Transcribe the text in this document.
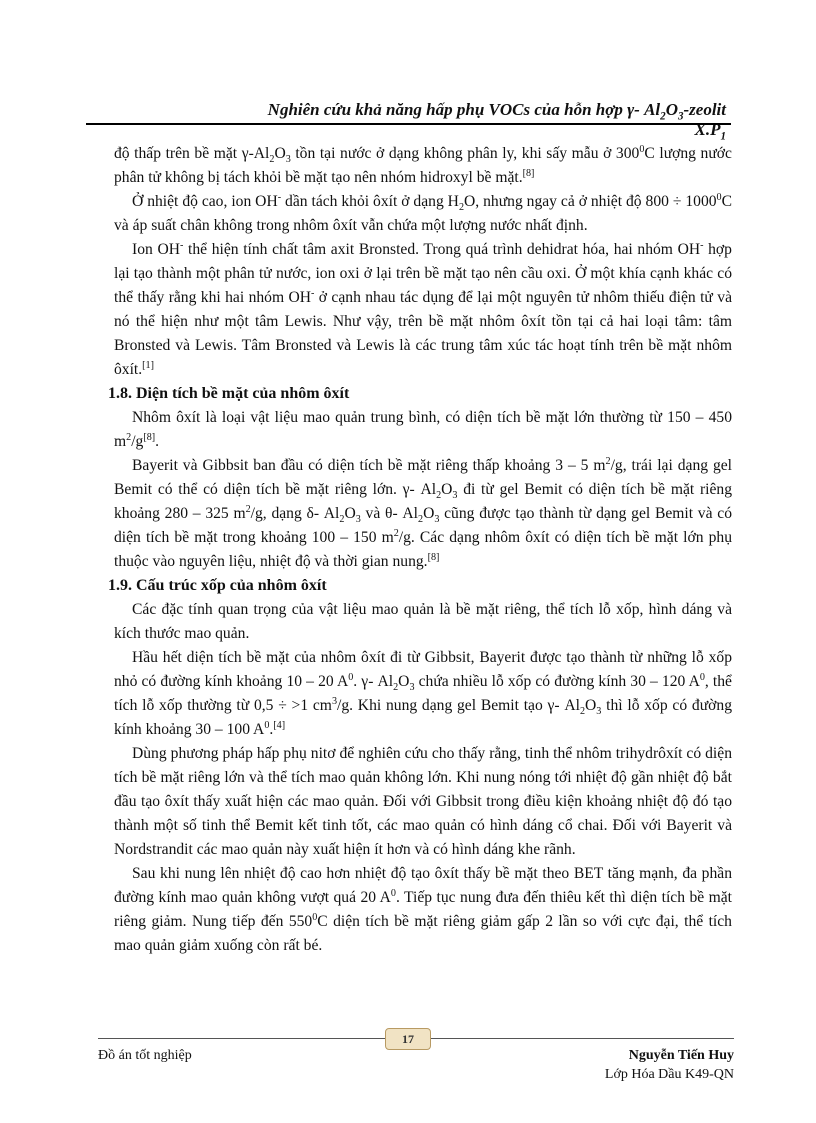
Nghiên cứu khả năng hấp phụ VOCs của hỗn hợp γ- $Al_2O_3$-zeolit $X.P_1$

độ thấp trên bề mặt $\gamma-Al_2O_3$ tồn tại nước ở dạng không phân ly, khi sấy mẫu ở $300^0C$ lượng nước phân tử không bị tách khỏi bề mặt tạo nên nhóm hidroxyl bề mặt.[8]

Ở nhiệt độ cao, ion OH- dần tách khỏi ôxít ở dạng $H_2O$, nhưng ngay cả ở nhiệt độ $800 \div 1000^0C$ và áp suất chân không trong nhôm ôxít vẫn chứa một lượng nước nhất định.

Ion OH- thể hiện tính chất tâm axit Bronsted. Trong quá trình dehidrat hóa, hai nhóm OH- hợp lại tạo thành một phân tử nước, ion oxi ở lại trên bề mặt tạo nên cầu oxi. Ở một khía cạnh khác có thể thấy rằng khi hai nhóm OH- ở cạnh nhau tác dụng để lại một nguyên tử nhôm thiếu điện tử và nó thể hiện như một tâm Lewis. Như vậy, trên bề mặt nhôm ôxít tồn tại cả hai loại tâm: tâm Bronsted và Lewis. Tâm Bronsted và Lewis là các trung tâm xúc tác hoạt tính trên bề mặt nhôm ôxít.[1]

1.8. Diện tích bề mặt của nhôm ôxít

Nhôm ôxít là loại vật liệu mao quản trung bình, có diện tích bề mặt lớn thường từ 150 – 450 $m^2/g[8]$.

Bayerit và Gibbsit ban đầu có diện tích bề mặt riêng thấp khoảng 3 – 5 $m^2/g$, trái lại dạng gel Bemit có thể có diện tích bề mặt riêng lớn. γ- $Al_2O_3$ đi từ gel Bemit có diện tích bề mặt riêng khoảng 280 – 325 $m^2/g$, dạng δ- $Al_2O_3$ và θ- $Al_2O_3$ cũng được tạo thành từ dạng gel Bemit và có diện tích bề mặt trong khoảng 100 – 150 $m^2/g$. Các dạng nhôm ôxít có diện tích bề mặt lớn phụ thuộc vào nguyên liệu, nhiệt độ và thời gian nung.[8]

1.9. Cấu trúc xốp của nhôm ôxít

Các đặc tính quan trọng của vật liệu mao quản là bề mặt riêng, thể tích lỗ xốp, hình dáng và kích thước mao quản.

Hầu hết diện tích bề mặt của nhôm ôxít đi từ Gibbsit, Bayerit được tạo thành từ những lỗ xốp nhỏ có đường kính khoảng 10 – 20 $A^0$. γ- $Al_2O_3$ chứa nhiều lỗ xốp có đường kính 30 – 120 $A^0$, thể tích lỗ xốp thường từ 0,5 ÷ >1 $cm^3/g$. Khi nung dạng gel Bemit tạo γ- $Al_2O_3$ thì lỗ xốp có đường kính khoảng 30 – 100 $A^0.[4]$

Dùng phương pháp hấp phụ nitơ để nghiên cứu cho thấy rằng, tinh thể nhôm trihydrôxít có diện tích bề mặt riêng lớn và thể tích mao quản không lớn. Khi nung nóng tới nhiệt độ gần nhiệt độ bắt đầu tạo ôxít thấy xuất hiện các mao quản. Đối với Gibbsit trong điều kiện khoảng nhiệt độ đó tạo thành một số tinh thể Bemit kết tinh tốt, các mao quản có hình dáng cổ chai. Đối với Bayerit và Nordstrandit các mao quản này xuất hiện ít hơn và có hình dáng khe rãnh.

Sau khi nung lên nhiệt độ cao hơn nhiệt độ tạo ôxít thấy bề mặt theo BET tăng mạnh, đa phần đường kính mao quản không vượt quá 20 $A^0$. Tiếp tục nung đưa đến thiêu kết thì diện tích bề mặt riêng giảm. Nung tiếp đến $550^0C$ diện tích bề mặt riêng giảm gấp 2 lần so với cực đại, thể tích mao quản giảm xuống còn rất bé.

17
Đồ án tốt nghiệp	Nguyễn Tiến Huy
Lớp Hóa Dầu K49-QN
